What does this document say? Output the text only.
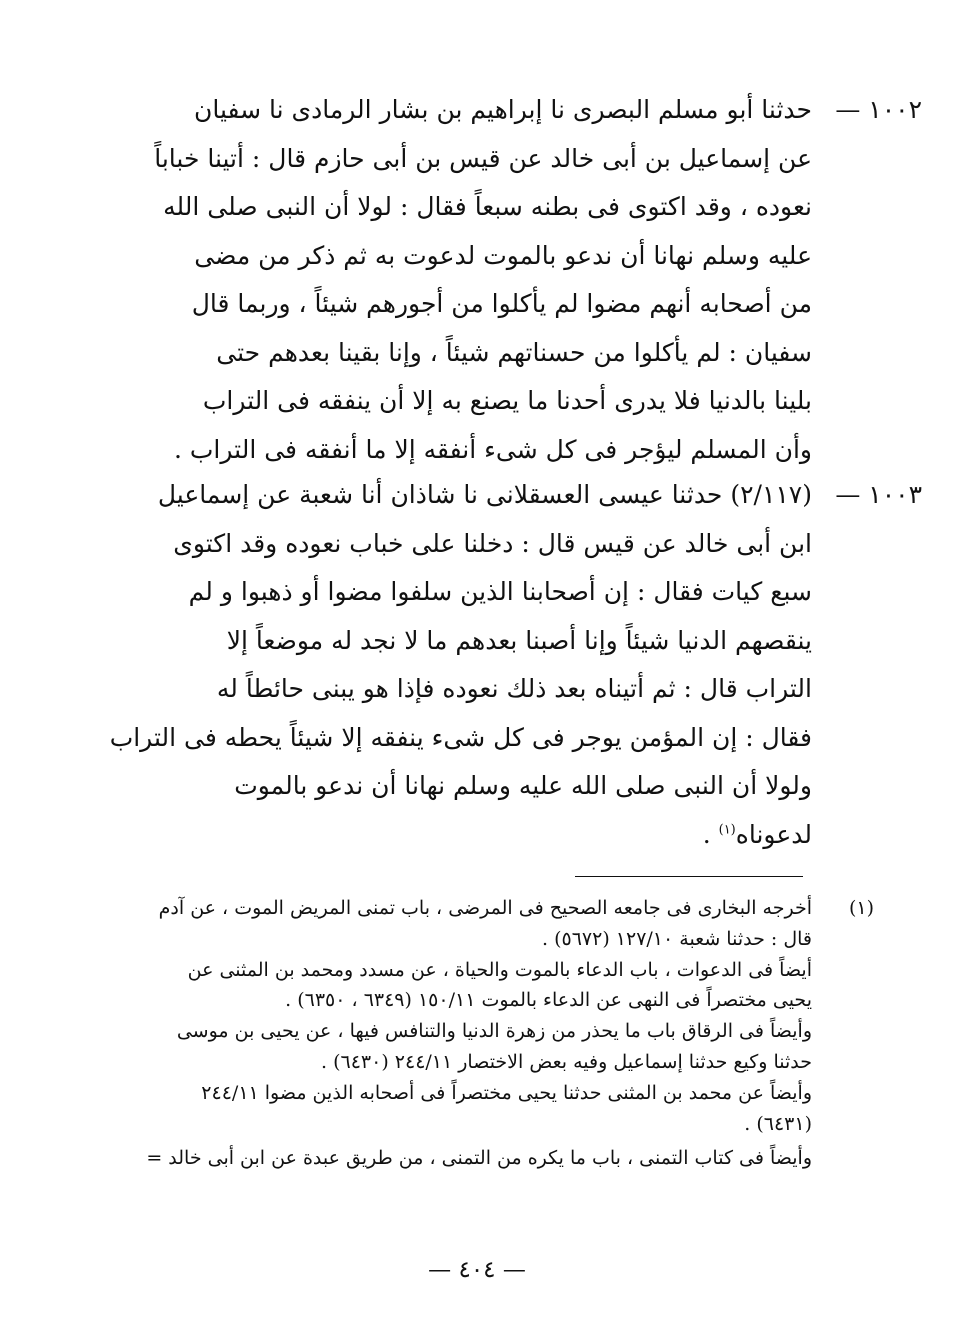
١٠٠٢ —
حدثنا أبو مسلم البصرى نا إبراهيم بن بشار الرمادى نا سفيان
عن إسماعيل بن أبى خالد عن قيس بن أبى حازم قال : أتينا خباباً
نعوده ، وقد اكتوى فى بطنه سبعاً فقال : لولا أن النبى صلى الله
عليه وسلم نهانا أن ندعو بالموت لدعوت به ثم ذكر من مضى
من أصحابه أنهم مضوا لم يأكلوا من أجورهم شيئاً ، وربما قال
سفيان : لم يأكلوا من حسناتهم شيئاً ، وإنا بقينا بعدهم حتى
بلينا بالدنيا فلا يدرى أحدنا ما يصنع به إلا أن ينفقه فى التراب
وأن المسلم ليؤجر فى كل شىء أنفقه إلا ما أنفقه فى التراب .
١٠٠٣ —
(٢/١١٧) حدثنا عيسى العسقلانى نا شاذان أنا شعبة عن إسماعيل
ابن أبى خالد عن قيس قال : دخلنا على خباب نعوده وقد اكتوى
سبع كيات فقال : إن أصحابنا الذين سلفوا مضوا أو ذهبوا و لم
ينقصهم الدنيا شيئاً وإنا أصبنا بعدهم ما لا نجد له موضعاً إلا
التراب قال : ثم أتيناه بعد ذلك نعوده فإذا هو يبنى حائطاً له
فقال : إن المؤمن يوجر فى كل شىء ينفقه إلا شيئاً يحطه فى التراب
ولولا أن النبى صلى الله عليه وسلم نهانا أن ندعو بالموت
لدعوناه$^{(١)}$ .
(١)
أخرجه البخارى فى جامعه الصحيح فى المرضى ، باب تمنى المريض الموت ، عن آدم
قال : حدثنا شعبة ١٢٧/١٠ (٥٦٧٢) .
أيضاً فى الدعوات ، باب الدعاء بالموت والحياة ، عن مسدد ومحمد بن المثنى عن
يحيى مختصراً فى النهى عن الدعاء بالموت ١٥٠/١١ (٦٣٤٩ ، ٦٣٥٠) .
وأيضاً فى الرقاق باب ما يحذر من زهرة الدنيا والتنافس فيها ، عن يحيى بن موسى
حدثنا وكيع حدثنا إسماعيل وفيه بعض الاختصار ٢٤٤/١١ (٦٤٣٠) .
وأيضاً عن محمد بن المثنى حدثنا يحيى مختصراً فى أصحابه الذين مضوا ٢٤٤/١١
(٦٤٣١) .
وأيضاً فى كتاب التمنى ، باب ما يكره من التمنى ، من طريق عبدة عن ابن أبى خالد =
— ٤٠٤ —
